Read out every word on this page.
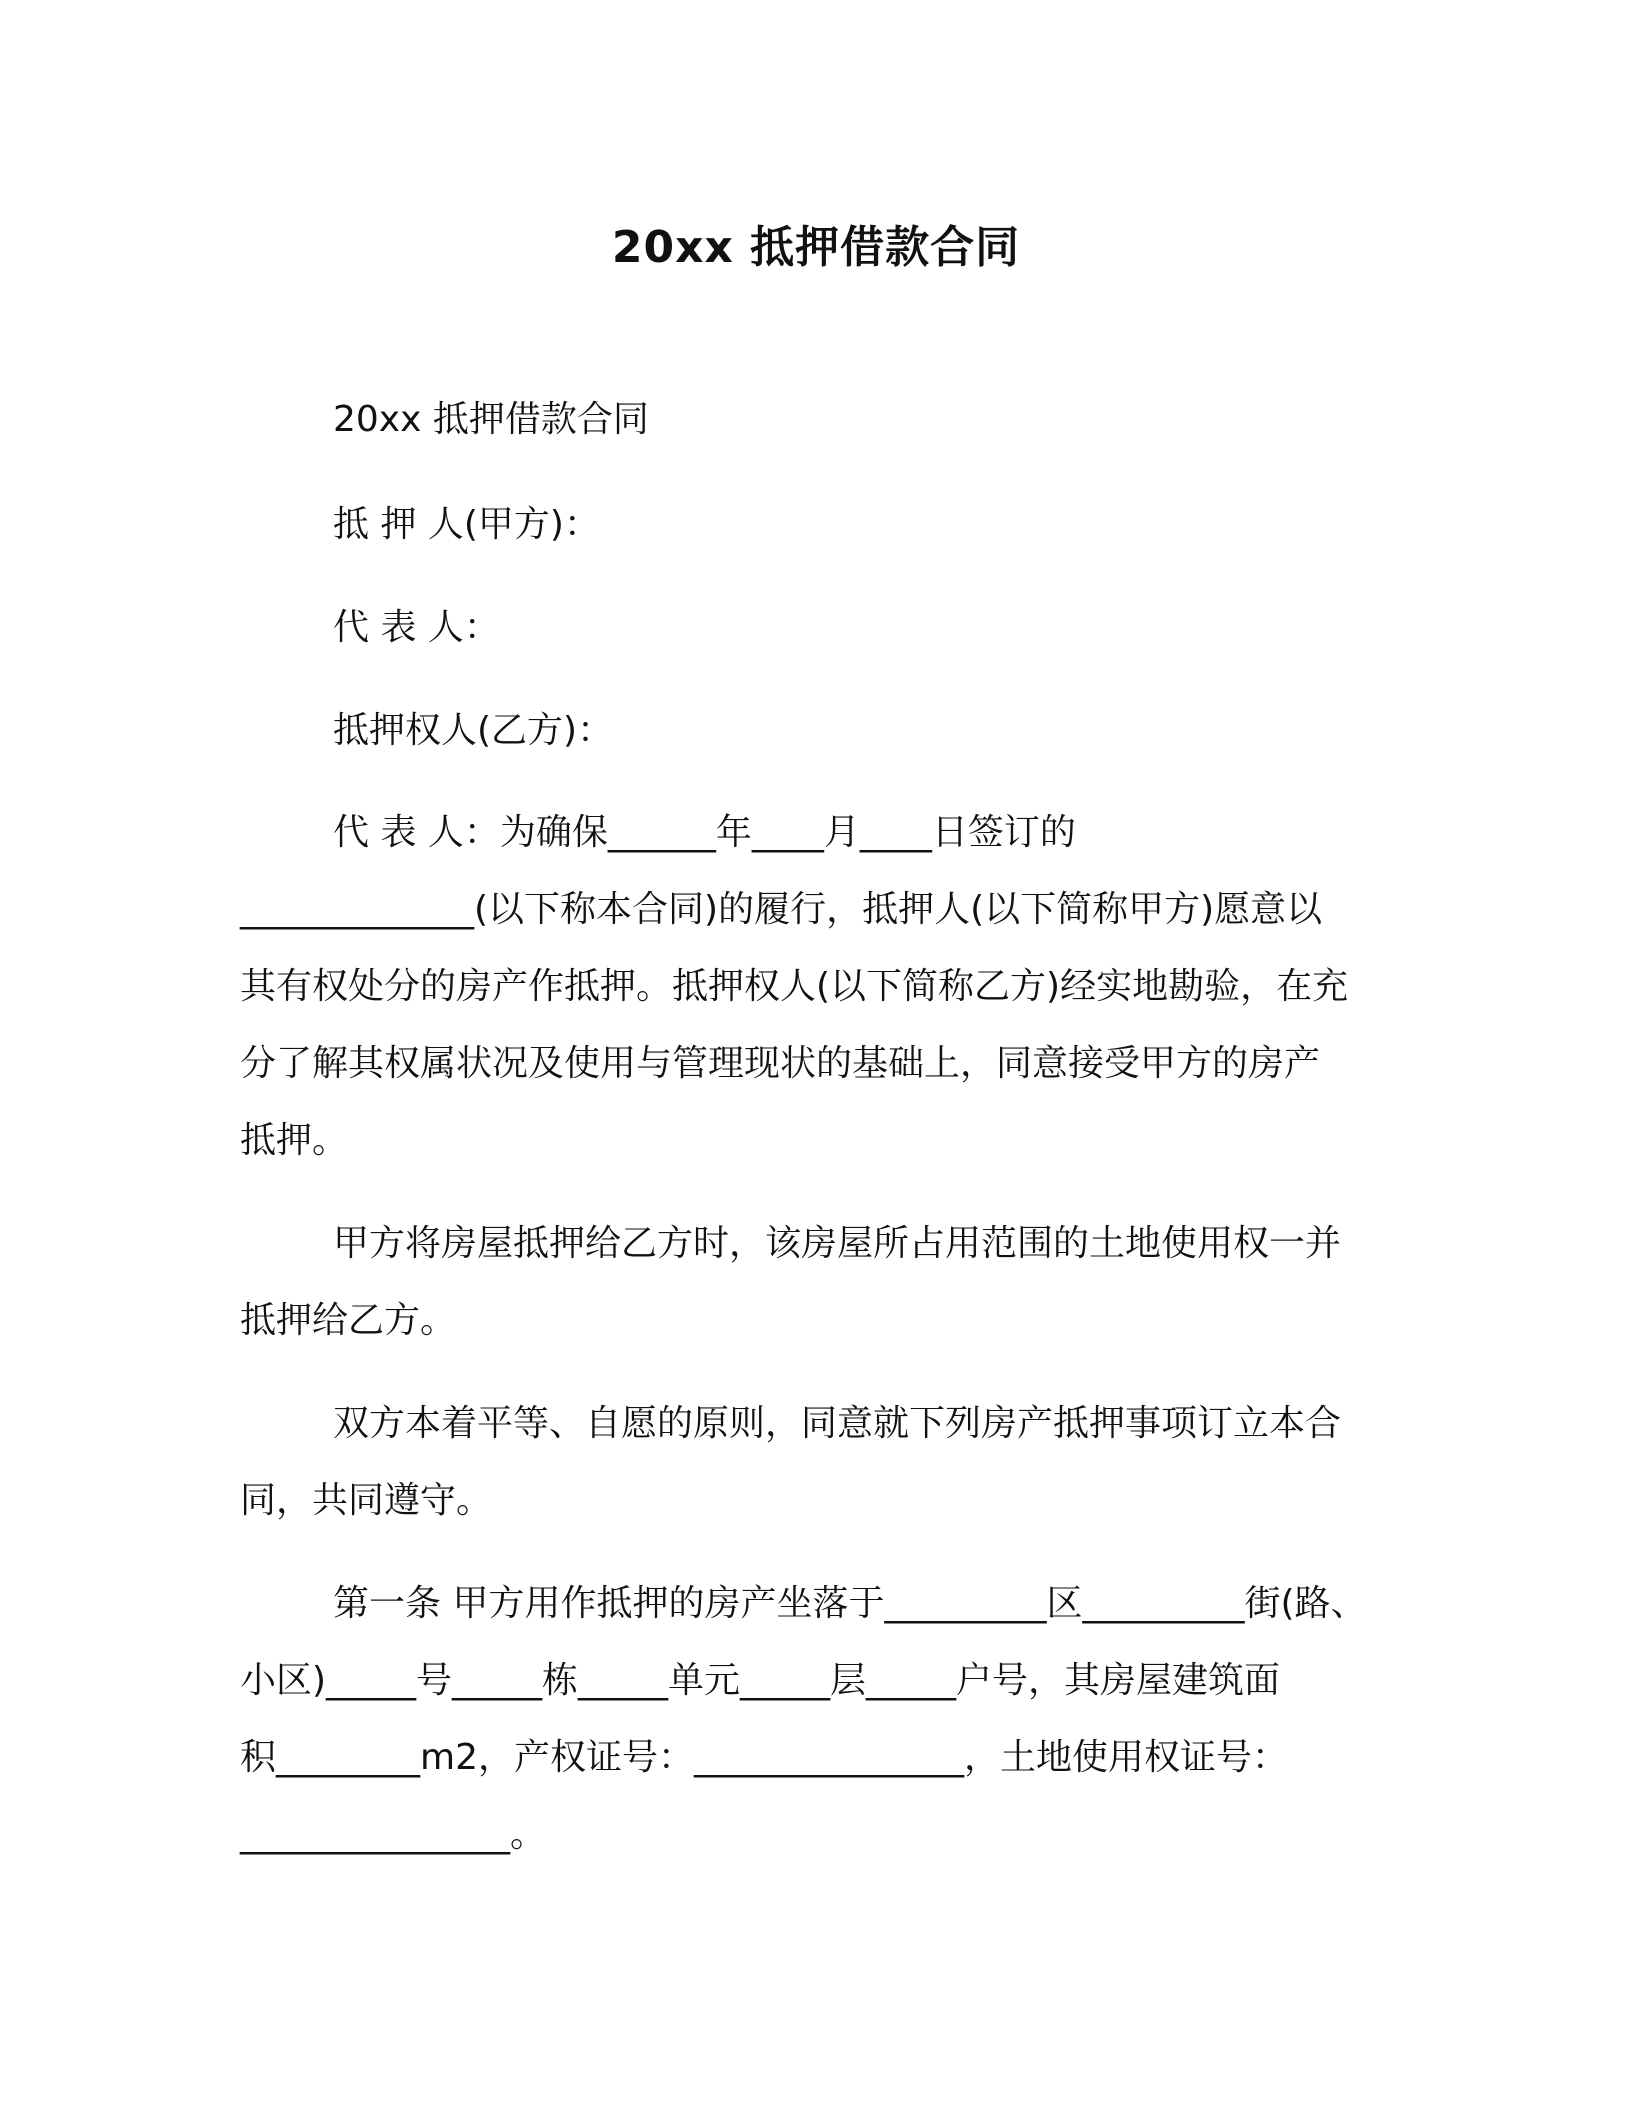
20xx 抵押借款合同

20xx 抵押借款合同

抵 押 人(甲方)：

代 表 人：

抵押权人(乙方)：

代 表 人：为确保______年____月____日签订的

_____________(以下称本合同)的履行，抵押人(以下简称甲方)愿意以

其有权处分的房产作抵押。抵押权人(以下简称乙方)经实地勘验，在充

分了解其权属状况及使用与管理现状的基础上，同意接受甲方的房产

抵押。

甲方将房屋抵押给乙方时，该房屋所占用范围的土地使用权一并

抵押给乙方。

双方本着平等、自愿的原则，同意就下列房产抵押事项订立本合

同，共同遵守。

第一条 甲方用作抵押的房产坐落于_________区_________街(路、

小区)_____号_____栋_____单元_____层_____户号，其房屋建筑面

积________m2，产权证号：_______________，土地使用权证号：

_______________。
